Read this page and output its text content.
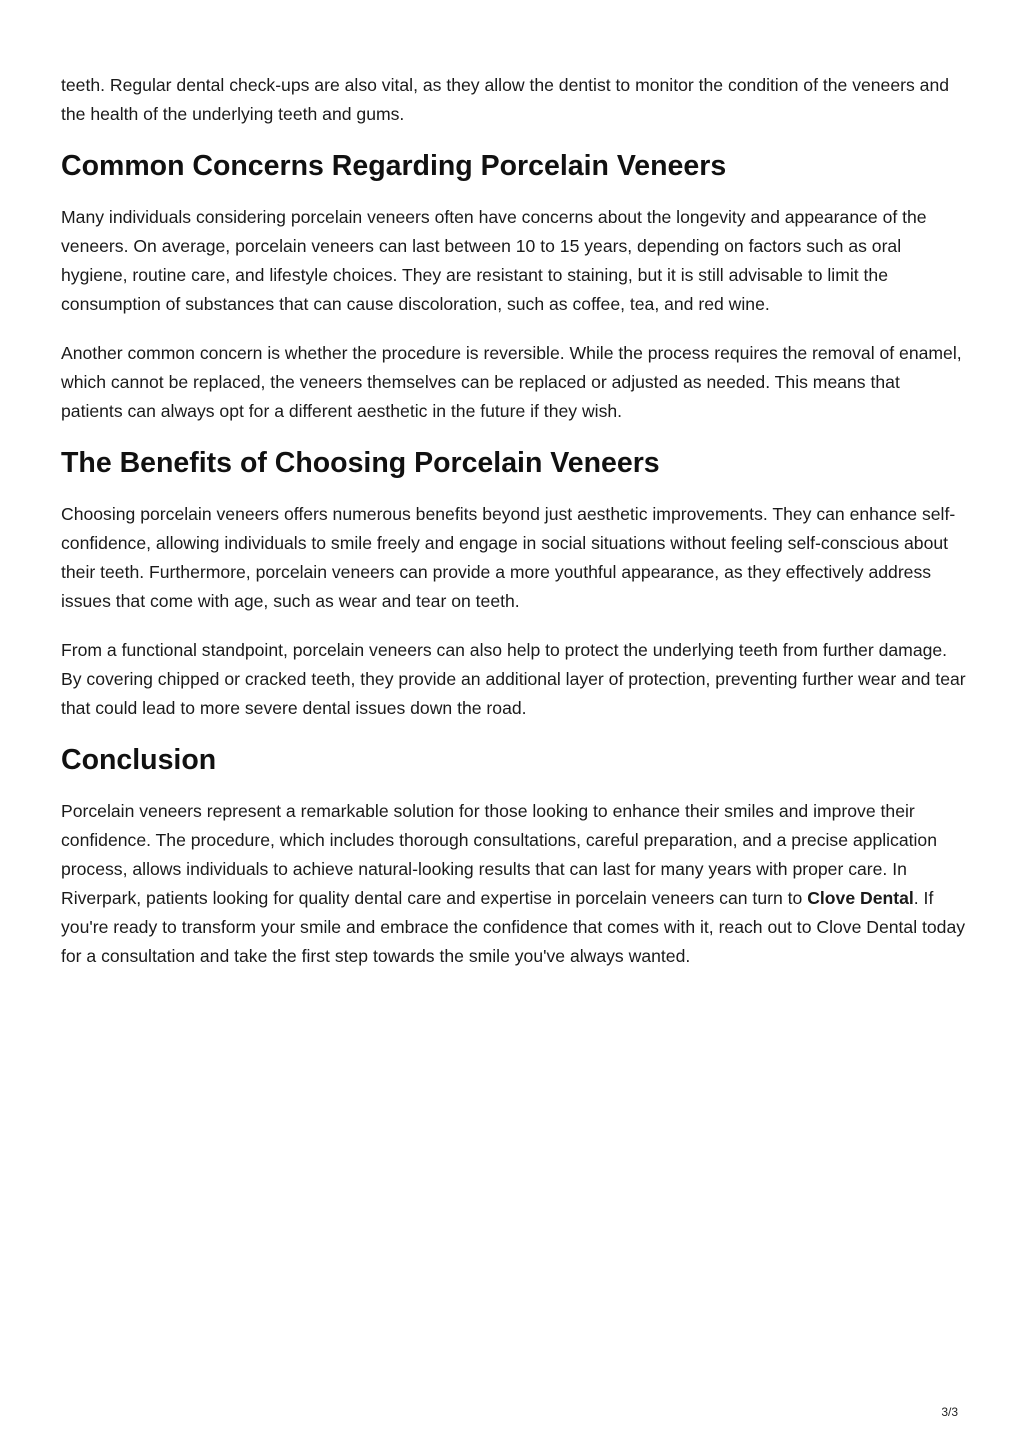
teeth. Regular dental check-ups are also vital, as they allow the dentist to monitor the condition of the veneers and the health of the underlying teeth and gums.

Common Concerns Regarding Porcelain Veneers

Many individuals considering porcelain veneers often have concerns about the longevity and appearance of the veneers. On average, porcelain veneers can last between 10 to 15 years, depending on factors such as oral hygiene, routine care, and lifestyle choices. They are resistant to staining, but it is still advisable to limit the consumption of substances that can cause discoloration, such as coffee, tea, and red wine.

Another common concern is whether the procedure is reversible. While the process requires the removal of enamel, which cannot be replaced, the veneers themselves can be replaced or adjusted as needed. This means that patients can always opt for a different aesthetic in the future if they wish.

The Benefits of Choosing Porcelain Veneers

Choosing porcelain veneers offers numerous benefits beyond just aesthetic improvements. They can enhance self-confidence, allowing individuals to smile freely and engage in social situations without feeling self-conscious about their teeth. Furthermore, porcelain veneers can provide a more youthful appearance, as they effectively address issues that come with age, such as wear and tear on teeth.

From a functional standpoint, porcelain veneers can also help to protect the underlying teeth from further damage. By covering chipped or cracked teeth, they provide an additional layer of protection, preventing further wear and tear that could lead to more severe dental issues down the road.

Conclusion

Porcelain veneers represent a remarkable solution for those looking to enhance their smiles and improve their confidence. The procedure, which includes thorough consultations, careful preparation, and a precise application process, allows individuals to achieve natural-looking results that can last for many years with proper care. In Riverpark, patients looking for quality dental care and expertise in porcelain veneers can turn to Clove Dental. If you're ready to transform your smile and embrace the confidence that comes with it, reach out to Clove Dental today for a consultation and take the first step towards the smile you've always wanted.

3/3
